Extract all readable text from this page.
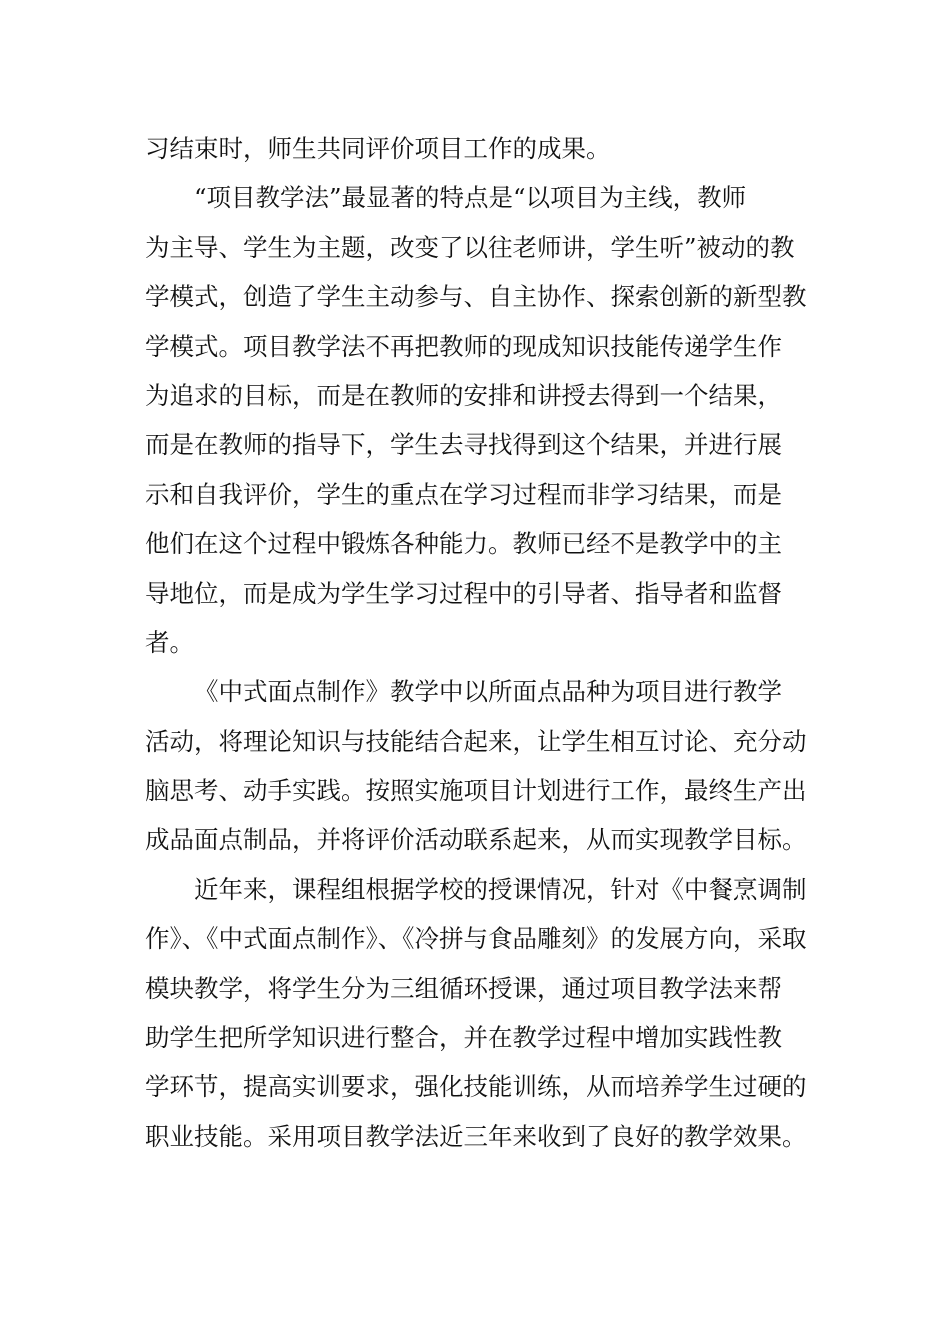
习结束时，师生共同评价项目工作的成果。
“项目教学法”最显著的特点是“以项目为主线，教师
为主导、学生为主题，改变了以往老师讲，学生听”被动的教
学模式，创造了学生主动参与、自主协作、探索创新的新型教
学模式。项目教学法不再把教师的现成知识技能传递学生作
为追求的目标，而是在教师的安排和讲授去得到一个结果，
而是在教师的指导下，学生去寻找得到这个结果，并进行展
示和自我评价，学生的重点在学习过程而非学习结果，而是
他们在这个过程中锻炼各种能力。教师已经不是教学中的主
导地位，而是成为学生学习过程中的引导者、指导者和监督
者。
《中式面点制作》教学中以所面点品种为项目进行教学
活动，将理论知识与技能结合起来，让学生相互讨论、充分动
脑思考、动手实践。按照实施项目计划进行工作，最终生产出
成品面点制品，并将评价活动联系起来，从而实现教学目标。
近年来，课程组根据学校的授课情况，针对《中餐烹调制
作》、《中式面点制作》、《冷拼与食品雕刻》的发展方向，采取
模块教学，将学生分为三组循环授课，通过项目教学法来帮
助学生把所学知识进行整合，并在教学过程中增加实践性教
学环节，提高实训要求，强化技能训练，从而培养学生过硬的
职业技能。采用项目教学法近三年来收到了良好的教学效果。
